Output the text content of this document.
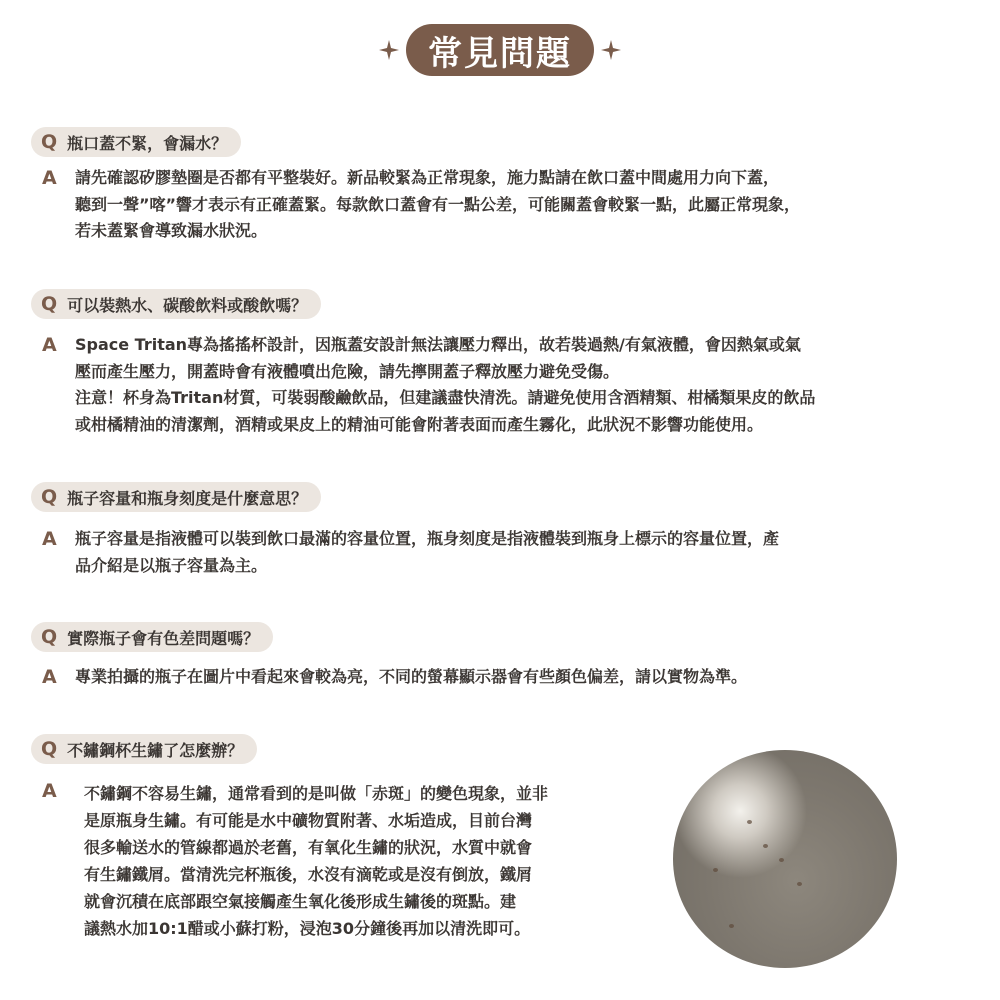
常見問題
Q 瓶口蓋不緊，會漏水？
A 請先確認矽膠墊圈是否都有平整裝好。新品較緊為正常現象，施力點請在飲口蓋中間處用力向下蓋，
聽到一聲”喀”響才表示有正確蓋緊。每款飲口蓋會有一點公差，可能關蓋會較緊一點，此屬正常現象，
若未蓋緊會導致漏水狀況。

Q 可以裝熱水、碳酸飲料或酸飲嗎？
A Space Tritan專為搖搖杯設計，因瓶蓋安設計無法讓壓力釋出，故若裝過熱/有氣液體，會因熱氣或氣
壓而產生壓力，開蓋時會有液體噴出危險，請先擰開蓋子釋放壓力避免受傷。
注意！杯身為Tritan材質，可裝弱酸鹼飲品，但建議盡快清洗。請避免使用含酒精類、柑橘類果皮的飲品
或柑橘精油的清潔劑，酒精或果皮上的精油可能會附著表面而產生霧化，此狀況不影響功能使用。

Q 瓶子容量和瓶身刻度是什麼意思？
A 瓶子容量是指液體可以裝到飲口最滿的容量位置，瓶身刻度是指液體裝到瓶身上標示的容量位置，產
品介紹是以瓶子容量為主。

Q 實際瓶子會有色差問題嗎？
A 專業拍攝的瓶子在圖片中看起來會較為亮，不同的螢幕顯示器會有些顏色偏差，請以實物為準。

Q 不鏽鋼杯生鏽了怎麼辦？
A 不鏽鋼不容易生鏽，通常看到的是叫做「赤斑」的變色現象，並非
是原瓶身生鏽。有可能是水中礦物質附著、水垢造成，目前台灣
很多輸送水的管線都過於老舊，有氧化生鏽的狀況，水質中就會
有生鏽鐵屑。當清洗完杯瓶後，水沒有滴乾或是沒有倒放，鐵屑
就會沉積在底部跟空氣接觸產生氧化後形成生鏽後的斑點。建
議熱水加10:1醋或小蘇打粉，浸泡30分鐘後再加以清洗即可。
